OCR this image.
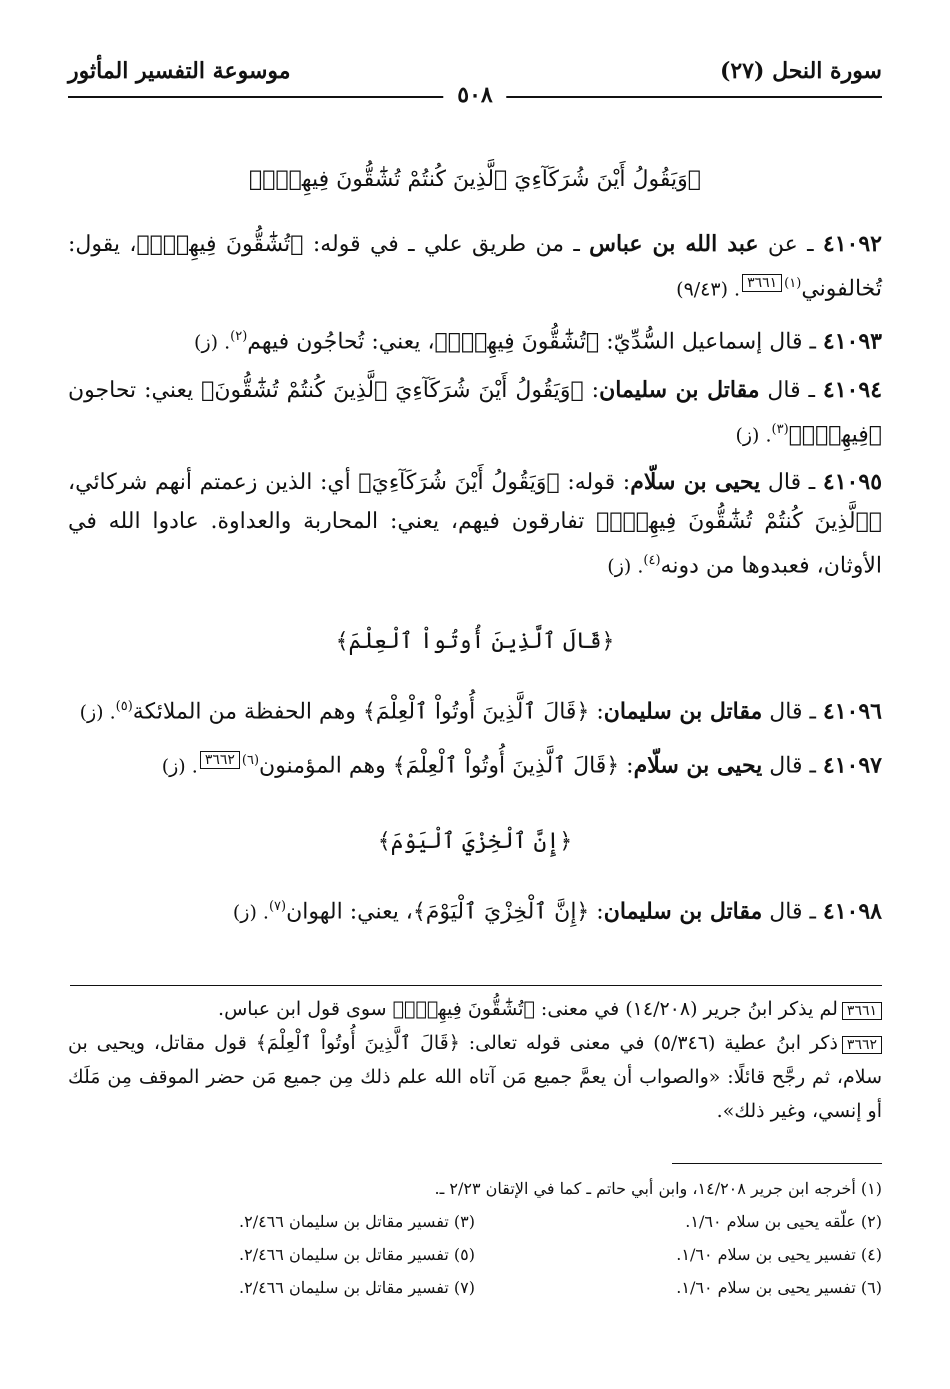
سورة النحل (٢٧)
موسوعة التفسير المأثور
٥٠٨
﴿وَيَقُولُ أَيْنَ شُرَكَآءِيَ ٱلَّذِينَ كُنتُمْ تُشَٰٓقُّونَ فِيهِمْۚ﴾
٤١٠٩٢ ـ عن عبد الله بن عباس ـ من طريق علي ـ في قوله: ﴿تُشَٰٓقُّونَ فِيهِمْۚ﴾، يقول: تُخالفوني$^{(١)}$٣٦٦١. (٩/٤٣)
٤١٠٩٣ ـ قال إسماعيل السُّدِّيّ: ﴿تُشَٰٓقُّونَ فِيهِمْۚ﴾، يعني: تُحاجُون فيهم$^{(٢)}$. (ز)
٤١٠٩٤ ـ قال مقاتل بن سليمان: ﴿وَيَقُولُ أَيْنَ شُرَكَآءِيَ ٱلَّذِينَ كُنتُمْ تُشَٰٓقُّونَ﴾ يعني: تحاجون ﴿فِيهِمْۚ﴾$^{(٣)}$. (ز)
٤١٠٩٥ ـ قال يحيى بن سلّام: قوله: ﴿وَيَقُولُ أَيْنَ شُرَكَآءِيَ﴾ أي: الذين زعمتم أنهم شركائي، ﴿ٱلَّذِينَ كُنتُمْ تُشَٰٓقُّونَ فِيهِمْۚ﴾ تفارقون فيهم، يعني: المحاربة والعداوة. عادوا الله في الأوثان، فعبدوها من دونه$^{(٤)}$. (ز)
﴿قَالَ ٱلَّذِينَ أُوتُواْ ٱلْعِلْمَ﴾
٤١٠٩٦ ـ قال مقاتل بن سليمان: ﴿قَالَ ٱلَّذِينَ أُوتُواْ ٱلْعِلْمَ﴾ وهم الحفظة من الملائكة$^{(٥)}$. (ز)
٤١٠٩٧ ـ قال يحيى بن سلّام: ﴿قَالَ ٱلَّذِينَ أُوتُواْ ٱلْعِلْمَ﴾ وهم المؤمنون$^{(٦)}$٣٦٦٢. (ز)
﴿إِنَّ ٱلْخِزْيَ ٱلْيَوْمَ﴾
٤١٠٩٨ ـ قال مقاتل بن سليمان: ﴿إِنَّ ٱلْخِزْيَ ٱلْيَوْمَ﴾، يعني: الهوان$^{(٧)}$. (ز)
٣٦٦١لم يذكر ابنُ جرير (١٤/٢٠٨) في معنى: ﴿تُشَٰٓقُّونَ فِيهِمْۚ﴾ سوى قول ابن عباس.
٣٦٦٢ذكر ابنُ عطية (٥/٣٤٦) في معنى قوله تعالى: ﴿قَالَ ٱلَّذِينَ أُوتُواْ ٱلْعِلْمَ﴾ قول مقاتل، ويحيى بن سلام، ثم رجَّح قائلًا: «والصواب أن يعمَّ جميع مَن آتاه الله علم ذلك مِن جميع مَن حضر الموقف مِن مَلَك أو إنسي، وغير ذلك».
(١) أخرجه ابن جرير ١٤/٢٠٨، وابن أبي حاتم ـ كما في الإتقان ٢/٢٣ ـ.
(٢) علّقه يحيى بن سلام ١/٦٠.
(٣) تفسير مقاتل بن سليمان ٢/٤٦٦.
(٤) تفسير يحيى بن سلام ١/٦٠.
(٥) تفسير مقاتل بن سليمان ٢/٤٦٦.
(٦) تفسير يحيى بن سلام ١/٦٠.
(٧) تفسير مقاتل بن سليمان ٢/٤٦٦.
